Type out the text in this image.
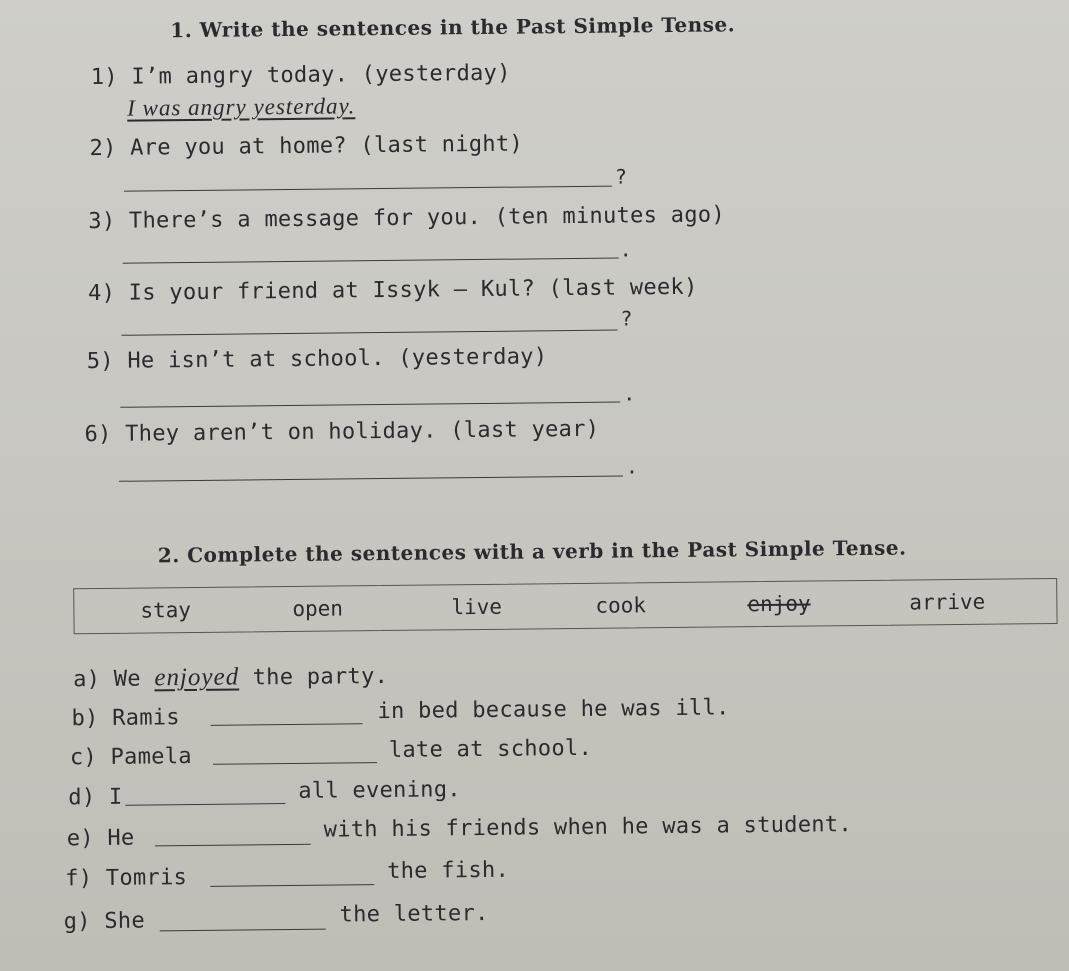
1. Write the sentences in the Past Simple Tense.
1) I’m angry today. (yesterday)
I was angry yesterday.
2) Are you at home? (last night)
?
3) There’s a message for you. (ten minutes ago)
.
4) Is your friend at Issyk – Kul? (last week)
?
5) He isn’t at school. (yesterday)
.
6) They aren’t on holiday. (last year)
.
2. Complete the sentences with a verb in the Past Simple Tense.
stay	open	live	cook	enjoy	arrive
a) We enjoyed the party.
b) Ramis	in bed because he was ill.
c) Pamela	late at school.
d) I	all evening.
e) He	with his friends when he was a student.
f) Tomris	the fish.
g) She	the letter.
